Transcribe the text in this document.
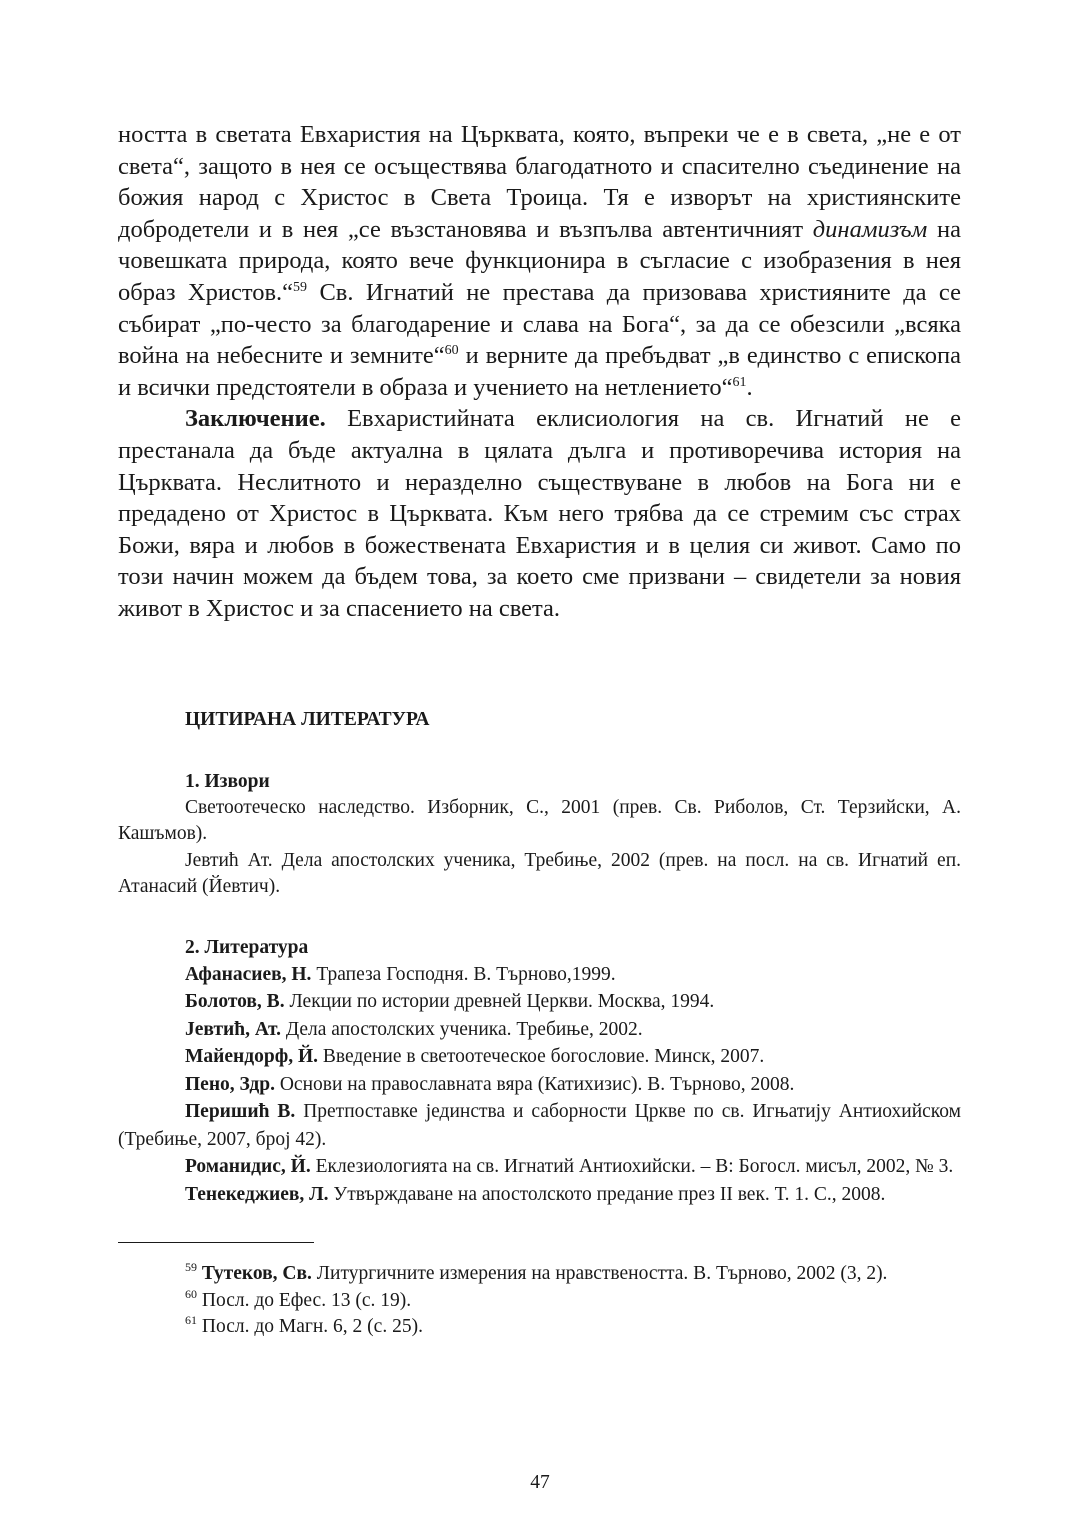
ността в светата Евхаристия на Църквата, която, въпреки че е в света, „не е от света“, защото в нея се осъществява благодатното и спасително съединение на божия народ с Христос в Света Троица. Тя е изворът на християнските добродетели и в нея „се възстановява и възпълва автентичният динамизъм на човешката природа, която вече функционира в съгласие с изобразения в нея образ Христов.“$^{59}$ Св. Игнатий не престава да призовава християните да се събират „по-често за благодарение и слава на Бога“, за да се обезсили „всяка война на небесните и земните“$^{60}$ и верните да пребъдват „в единство с епископа и всички предстоятели в образа и учението на нетлението“$^{61}$.

Заключение. Евхаристийната еклисиология на св. Игнатий не е престанала да бъде актуална в цялата дълга и противоречива история на Църквата. Неслитното и неразделно съществуване в любов на Бога ни е предадено от Христос в Църквата. Към него трябва да се стремим със страх Божи, вяра и любов в божествената Евхаристия и в целия си живот. Само по този начин можем да бъдем това, за което сме призвани – свидетели за новия живот в Христос и за спасението на света.

ЦИТИРАНА ЛИТЕРАТУРА
1. Извори

Светоотеческо наследство. Изборник, С., 2001 (прев. Св. Риболов, Ст. Терзийски, А. Кашъмов).

Јевтић Ат. Дела апостолских ученика, Требиње, 2002 (прев. на посл. на св. Игнатий еп. Атанасий (Йевтич).

2. Литература

Афанасиев, Н. Трапеза Господня. В. Търново,1999.

Болотов, В. Лекции по истории древней Церкви. Москва, 1994.

Јевтић, Ат. Дела апостолских ученика. Требиње, 2002.

Майендорф, Й. Введение в светоотеческое богословие. Минск, 2007.

Пено, Здр. Основи на православната вяра (Катихизис). В. Търново, 2008.

Перишић В. Претпоставке јединства и саборности Цркве по св. Игњатију Антиохийском (Требиње, 2007, број 42).

Романидис, Й. Еклезиологията на св. Игнатий Антиохийски. – В: Богосл. мисъл, 2002, № 3.

Тенекеджиев, Л. Утвърждаване на апостолското предание през II век. Т. 1. С., 2008.

$^{59}$ Тутеков, Св. Литургичните измерения на нравствеността. В. Търново, 2002 (3, 2).

$^{60}$ Посл. до Ефес. 13 (с. 19).

$^{61}$ Посл. до Магн. 6, 2 (с. 25).

47
